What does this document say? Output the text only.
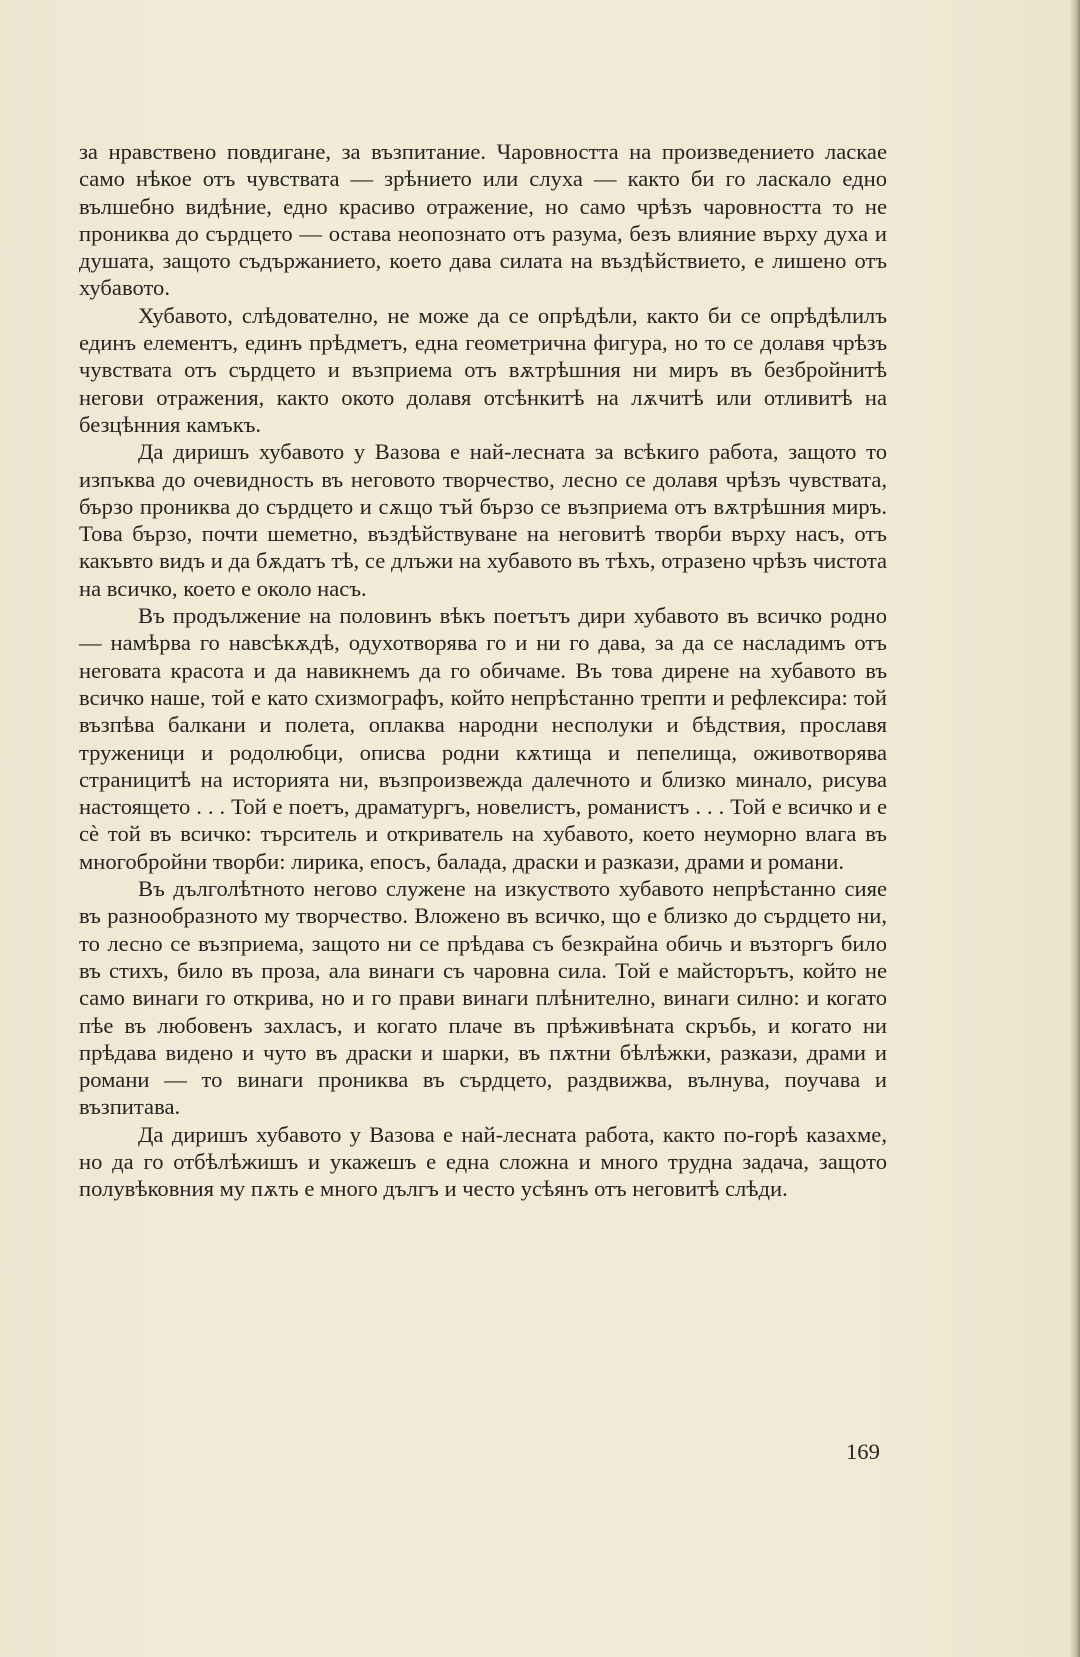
за нравствено повдигане, за възпитание. Чаровността на произведението ласкае само нѣкое отъ чувствата — зрѣнието или слуха — както би го ласкало едно вълшебно видѣние, едно красиво отражение, но само чрѣзъ чаровността то не прониква до сърдцето — остава неопознато отъ разума, безъ влияние върху духа и душата, защото съдържанието, което дава силата на въздѣйствието, е лишено отъ хубавото.

Хубавото, слѣдователно, не може да се опрѣдѣли, както би се опрѣдѣлилъ единъ елементъ, единъ прѣдметъ, една геометрична фигура, но то се долавя чрѣзъ чувствата отъ сърдцето и възприема отъ вѫтрѣшния ни миръ въ безбройнитѣ негови отражения, както окото долавя отсѣнкитѣ на лѫчитѣ или отливитѣ на безцѣнния камъкъ.

Да диришъ хубавото у Вазова е най-лесната за всѣкиго работа, защото то изпъква до очевидность въ неговото творчество, лесно се долавя чрѣзъ чувствата, бързо прониква до сърдцето и сѫщо тъй бързо се възприема отъ вѫтрѣшния миръ. Това бързо, почти шеметно, въздѣйствуване на неговитѣ творби върху насъ, отъ какъвто видъ и да бѫдатъ тѣ, се длъжи на хубавото въ тѣхъ, отразено чрѣзъ чистота на всичко, което е около насъ.

Въ продължение на половинъ вѣкъ поетътъ дири хубавото въ всичко родно — намѣрва го навсѣкѫдѣ, одухотворява го и ни го дава, за да се насладимъ отъ неговата красота и да навикнемъ да го обичаме. Въ това дирене на хубавото въ всичко наше, той е като схизмографъ, който непрѣстанно трепти и рефлексира: той възпѣва балкани и полета, оплаква народни несполуки и бѣдствия, прославя труженици и родолюбци, описва родни кѫтища и пепелища, оживотворява страницитѣ на историята ни, възпроизвежда далечното и близко минало, рисува настоящето . . . Той е поетъ, драматургъ, новелистъ, романистъ . . . Той е всичко и е сè той въ всичко: търситель и откриватель на хубавото, което неуморно влага въ многобройни творби: лирика, епосъ, балада, драски и разкази, драми и романи.

Въ дълголѣтното негово служене на изкуството хубавото непрѣстанно сияе въ разнообразното му творчество. Вложено въ всичко, що е близко до сърдцето ни, то лесно се възприема, защото ни се прѣдава съ безкрайна обичь и възторгъ било въ стихъ, било въ проза, ала винаги съ чаровна сила. Той е майсторътъ, който не само винаги го открива, но и го прави винаги плѣнително, винаги силно: и когато пѣе въ любовенъ захласъ, и когато плаче въ прѣживѣната скръбь, и когато ни прѣдава видено и чуто въ драски и шарки, въ пѫтни бѣлѣжки, разкази, драми и романи — то винаги прониква въ сърдцето, раздвижва, вълнува, поучава и възпитава.

Да диришъ хубавото у Вазова е най-лесната работа, както по-горѣ казахме, но да го отбѣлѣжишъ и укажешъ е една сложна и много трудна задача, защото полувѣковния му пѫть е много дългъ и често усѣянъ отъ неговитѣ слѣди.

169
